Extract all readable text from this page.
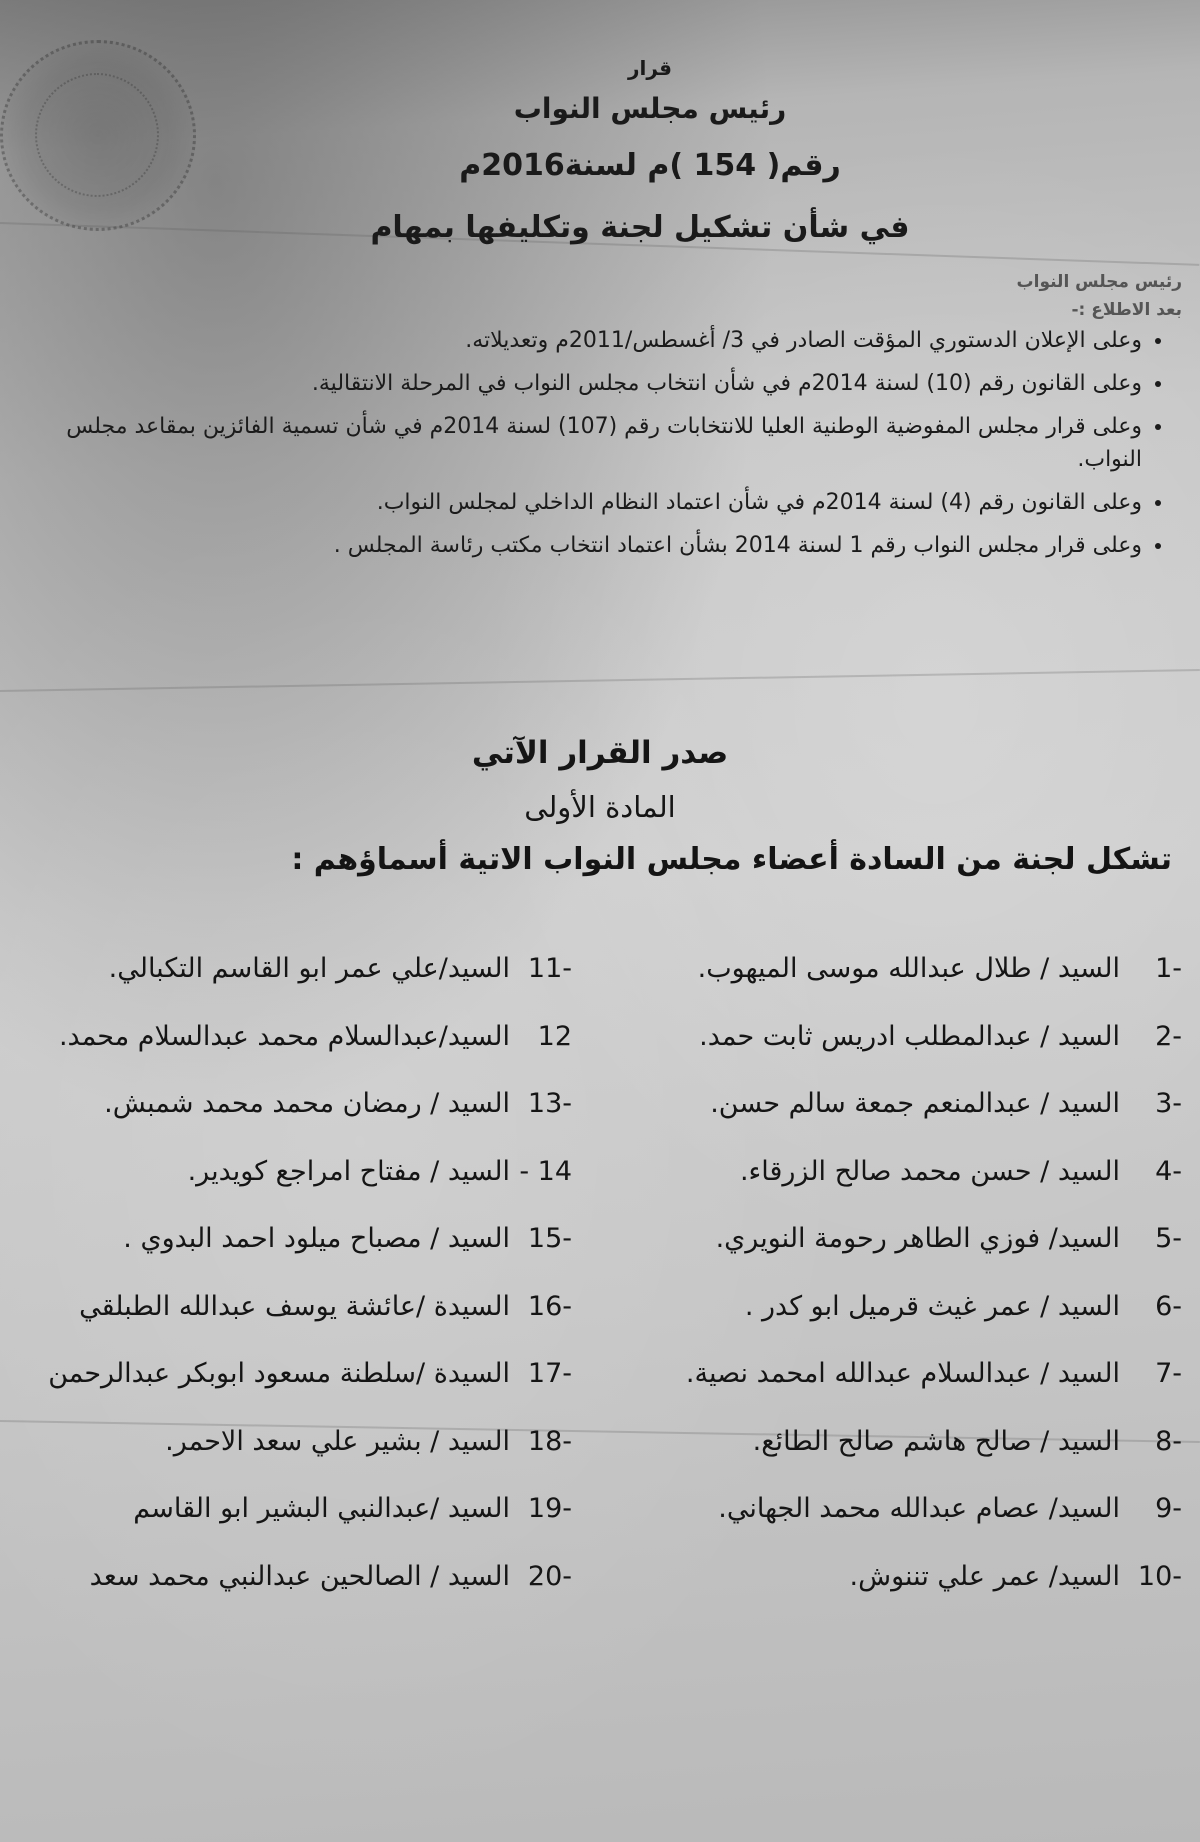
قرار
رئيس مجلس النواب
رقم( 154 )م لسنة2016م
في شأن تشكيل لجنة وتكليفها بمهام
رئيس مجلس النواب
بعد الاطلاع :-
• وعلى الإعلان الدستوري المؤقت الصادر في 3/ أغسطس/2011م وتعديلاته.
• وعلى القانون رقم (10) لسنة 2014م في شأن انتخاب مجلس النواب في المرحلة الانتقالية.
• وعلى قرار مجلس المفوضية الوطنية العليا للانتخابات رقم (107) لسنة 2014م في شأن تسمية الفائزين بمقاعد مجلس النواب.
• وعلى القانون رقم (4) لسنة 2014م في شأن اعتماد النظام الداخلي لمجلس النواب.
• وعلى قرار مجلس النواب رقم 1 لسنة 2014 بشأن اعتماد انتخاب مكتب رئاسة المجلس .
صدر القرار الآتي
المادة الأولى
تشكل لجنة من السادة أعضاء مجلس النواب الاتية أسماؤهم :
-1السيد / طلال عبدالله موسى الميهوب.
-2السيد / عبدالمطلب ادريس ثابت حمد.
-3السيد / عبدالمنعم جمعة سالم حسن.
-4السيد / حسن محمد صالح الزرقاء.
-5السيد/ فوزي الطاهر رحومة النويري.
-6السيد / عمر غيث قرميل ابو كدر .
-7السيد / عبدالسلام عبدالله امحمد نصية.
-8السيد / صالح هاشم صالح الطائع.
-9السيد/ عصام عبدالله محمد الجهاني.
-10السيد/ عمر علي تننوش.
-11السيد/علي عمر ابو القاسم التكبالي.
12السيد/عبدالسلام محمد عبدالسلام محمد.
-13السيد / رمضان محمد محمد شمبش.
14 -السيد / مفتاح امراجع كويدير.
-15السيد / مصباح ميلود احمد البدوي .
-16السيدة /عائشة يوسف عبدالله الطبلقي
-17السيدة /سلطنة مسعود ابوبكر عبدالرحمن
-18السيد / بشير علي سعد الاحمر.
-19السيد /عبدالنبي البشير ابو القاسم
-20السيد / الصالحين عبدالنبي محمد سعد
